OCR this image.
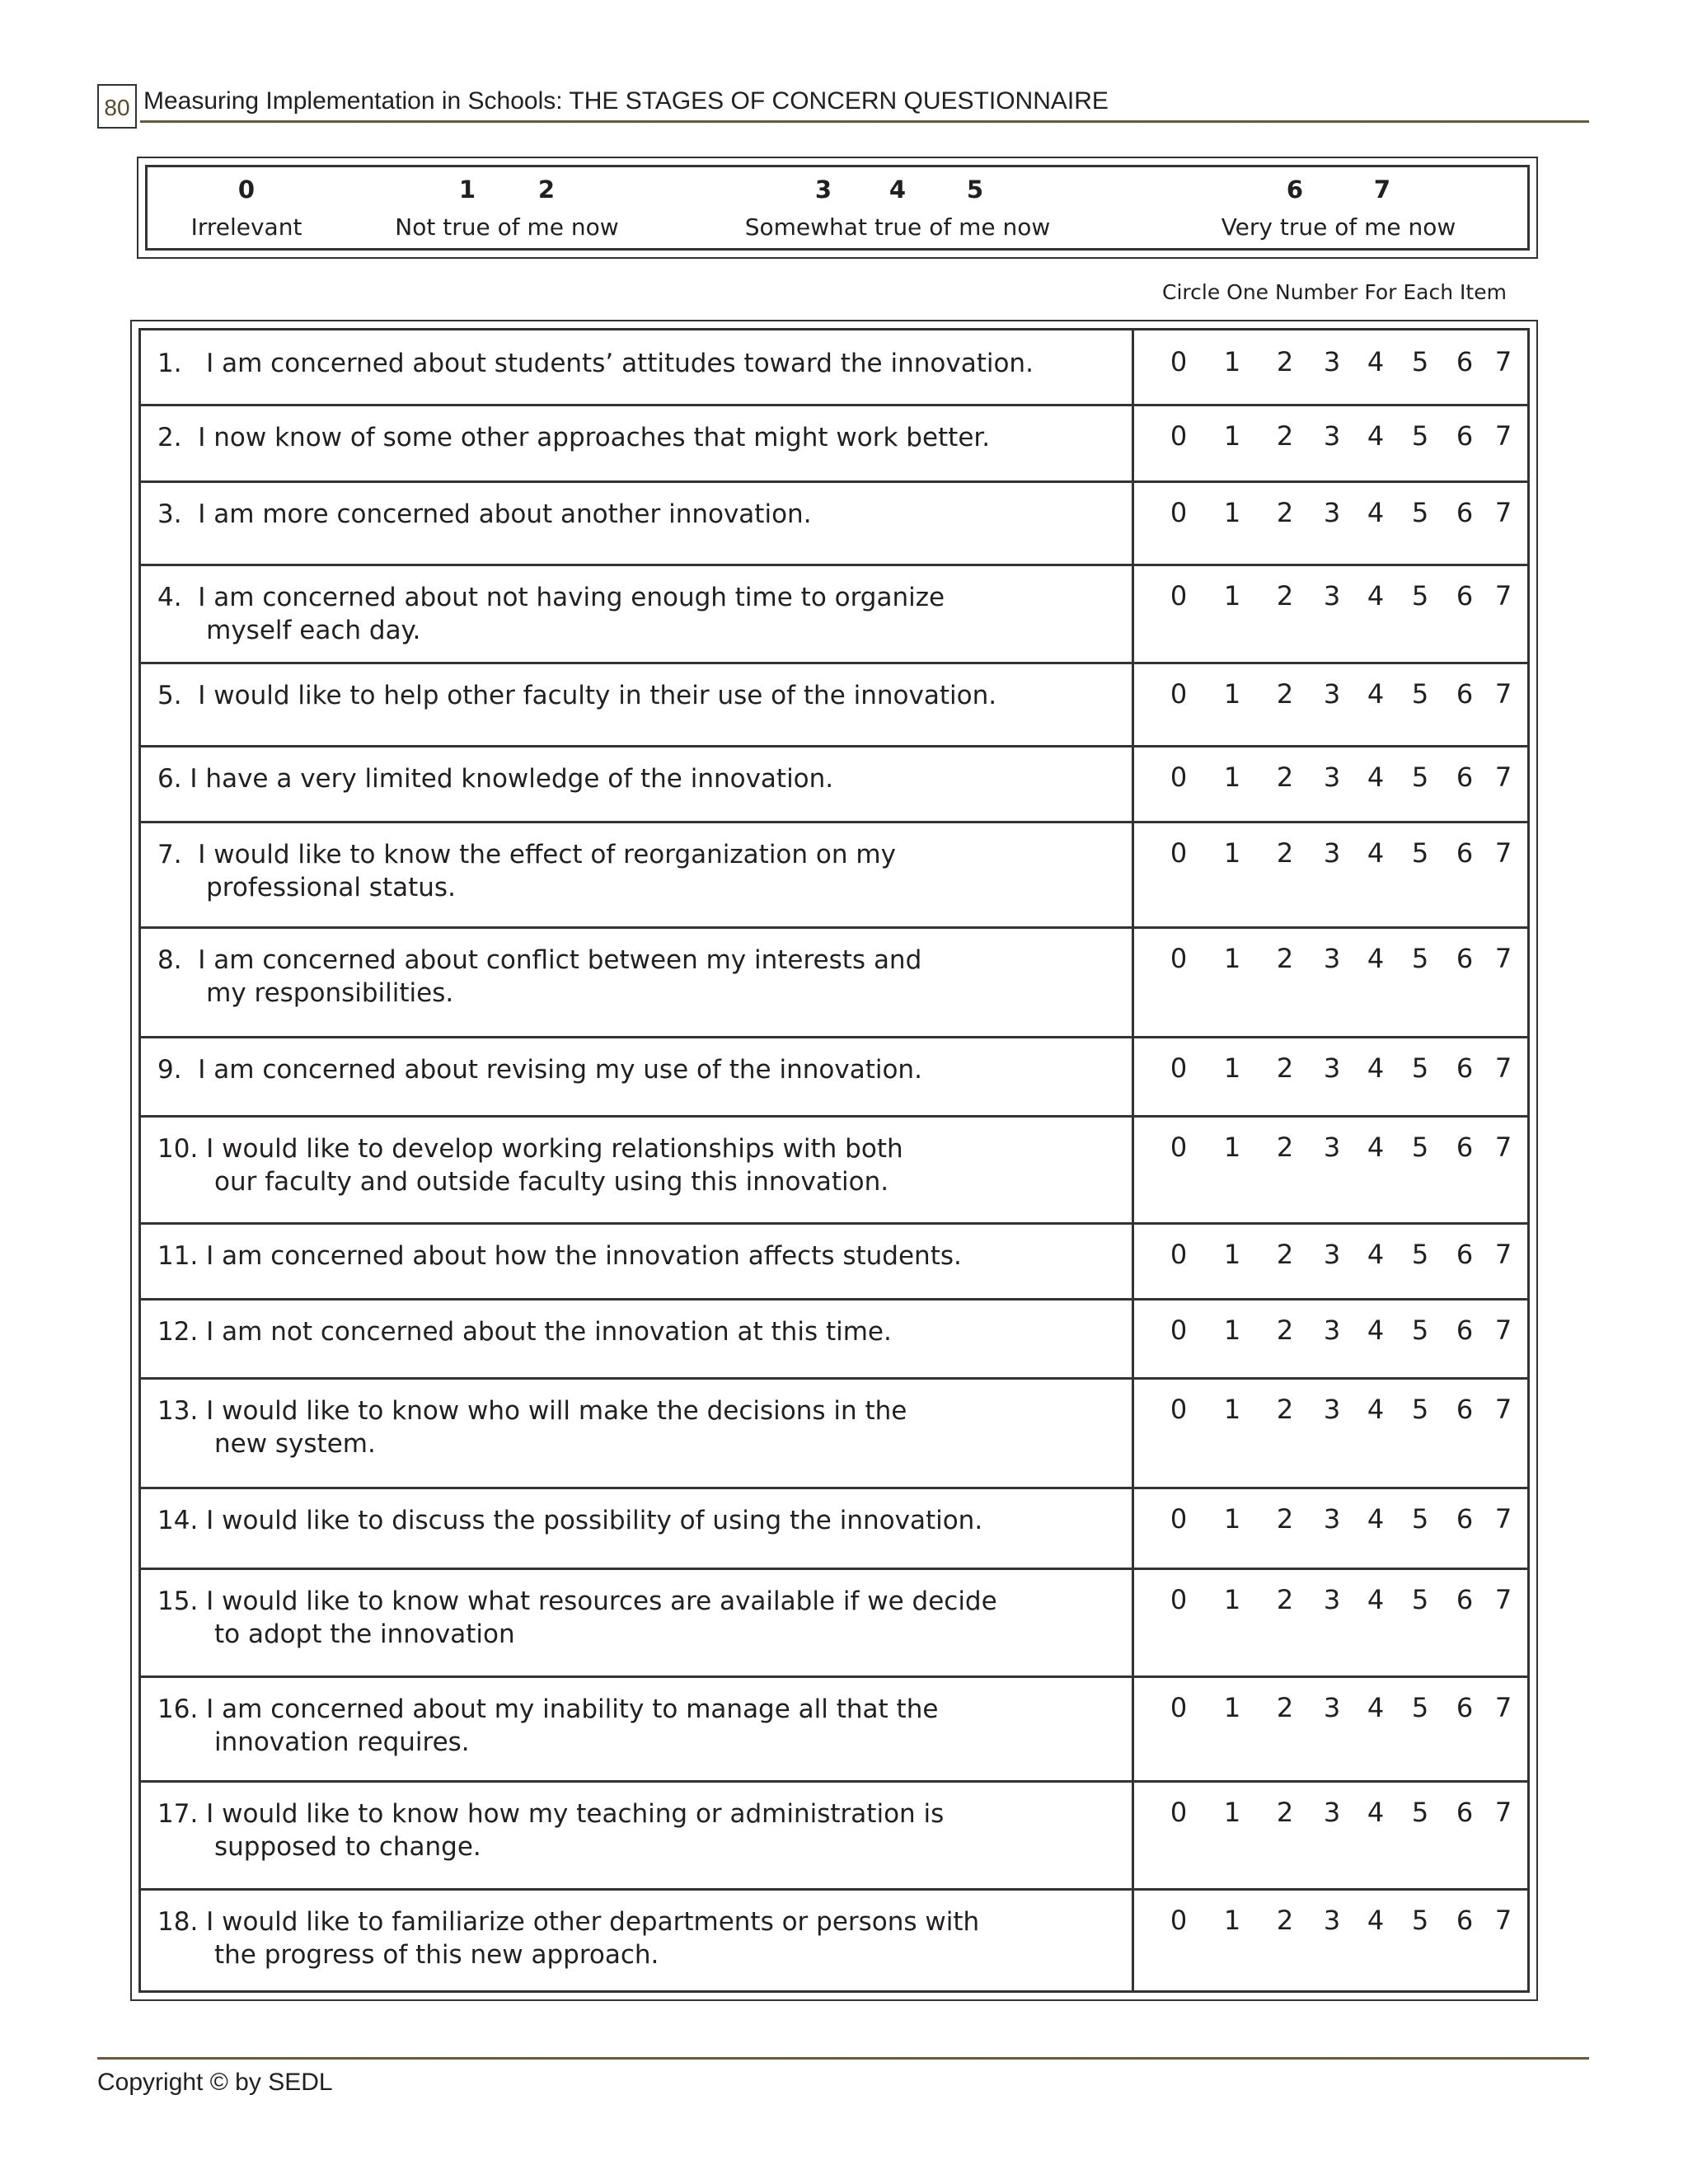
80 Measuring Implementation in Schools: THE STAGES OF CONCERN QUESTIONNAIRE
0	1	2	3 4	5	6	7
Irrelevant	Not true of me now	Somewhat true of me now	Very true of me now
Circle One Number For Each Item
1.   I am concerned about students’ attitudes toward the innovation.	0 1 2 3 4 5 6 7
2.  I now know of some other approaches that might work better.	0 1 2 3 4 5 6 7
3.  I am more concerned about another innovation.	0 1 2 3 4 5 6 7
4.  I am concerned about not having enough time to organize
myself each day.
0 1 2 3 4 5 6 7
5.  I would like to help other faculty in their use of the innovation.	0 1 2 3 4 5 6 7
6. I have a very limited knowledge of the innovation.	0 1 2 3 4 5 6 7
7.  I would like to know the effect of reorganization on my
professional status.
0 1 2 3 4 5 6 7
8.  I am concerned about conflict between my interests and
my responsibilities.
0 1 2 3 4 5 6 7
9.  I am concerned about revising my use of the innovation.	0 1 2 3 4 5 6 7
10. I would like to develop working relationships with both
our faculty and outside faculty using this innovation.
0 1 2 3 4 5 6 7
11. I am concerned about how the innovation affects students.	0 1 2 3 4 5 6 7
12. I am not concerned about the innovation at this time.	0 1 2 3 4 5 6 7
13. I would like to know who will make the decisions in the
new system.
0 1 2 3 4 5 6 7
14. I would like to discuss the possibility of using the innovation.	0 1 2 3 4 5 6 7
15. I would like to know what resources are available if we decide
to adopt the innovation
0 1 2 3 4 5 6 7
16. I am concerned about my inability to manage all that the
innovation requires.
0 1 2 3 4 5 6 7
17. I would like to know how my teaching or administration is
supposed to change.
0 1 2 3 4 5 6 7
18. I would like to familiarize other departments or persons with
the progress of this new approach.
0 1 2 3 4 5 6 7
Copyright © by SEDL
